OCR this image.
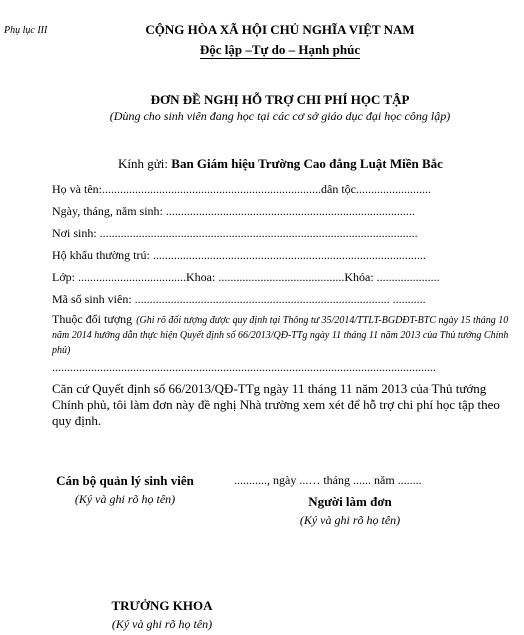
Phụ lục III	CỘNG HÒA XÃ HỘI CHỦ NGHĨA VIỆT NAM
Độc lập –Tự do – Hạnh phúc
ĐƠN ĐỀ NGHỊ HỖ TRỢ CHI PHÍ HỌC TẬP
(Dùng cho sinh viên đang học tại các cơ sở giáo dục đại học công lập)
Kính gửi: Ban Giám hiệu Trường Cao đẳng Luật Miền Bắc
Họ và tên:.........................................................................dân tộc.........................
Ngày, tháng, năm sinh: ...................................................................................
Nơi sinh: ..........................................................................................................
Hộ khẩu thường trú: ...........................................................................................
Lớp: ....................................Khoa: ..........................................Khóa: .....................
Mã số sinh viên: ..................................................................................... ...........
Thuộc đối tượng (Ghi rõ đối tượng được quy định tại Thông tư 35/2014/TTLT-BGDĐT-BTC ngày 15 tháng 10 năm 2014 hướng dẫn thực hiện Quyết định số 66/2013/QĐ-TTg ngày 11 tháng 11 năm 2013 của Thủ tướng Chính phủ)
................................................................................................................................
Căn cứ Quyết định số 66/2013/QĐ-TTg ngày 11 tháng 11 năm 2013 của Thủ tướng Chính phủ, tôi làm đơn này đề nghị Nhà trường xem xét để hỗ trợ chi phí học tập theo quy định.
Cán bộ quản lý sinh viên
(Ký và ghi rõ họ tên)
..........., ngày ...… tháng ...... năm ........
Người làm đơn
(Ký và ghi rõ họ tên)
TRƯỞNG KHOA
(Ký và ghi rõ họ tên)
